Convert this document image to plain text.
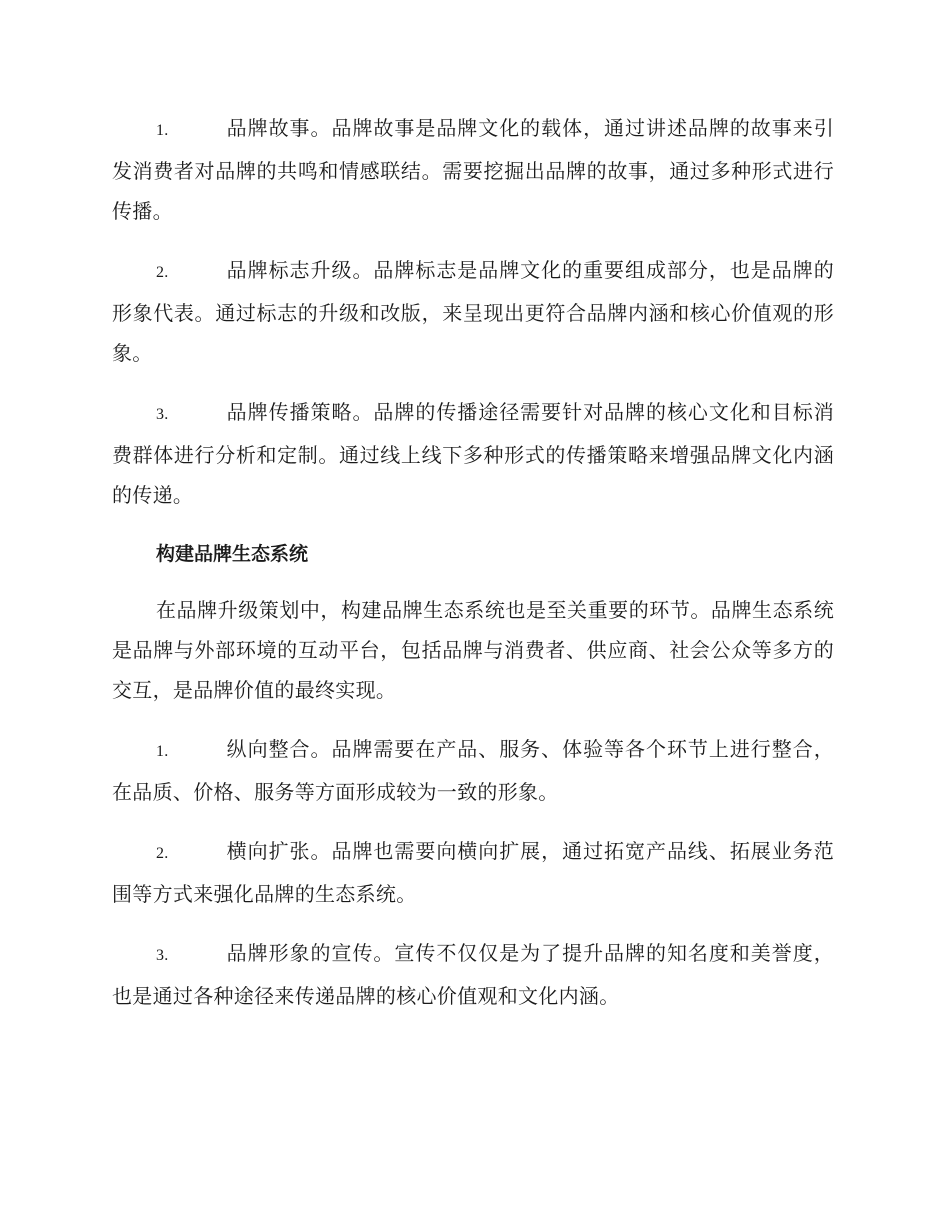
1.	品牌故事。品牌故事是品牌文化的载体，通过讲述品牌的故事来引发消费者对品牌的共鸣和情感联结。需要挖掘出品牌的故事，通过多种形式进行传播。
2.	品牌标志升级。品牌标志是品牌文化的重要组成部分，也是品牌的形象代表。通过标志的升级和改版，来呈现出更符合品牌内涵和核心价值观的形象。
3.	品牌传播策略。品牌的传播途径需要针对品牌的核心文化和目标消费群体进行分析和定制。通过线上线下多种形式的传播策略来增强品牌文化内涵的传递。
构建品牌生态系统
在品牌升级策划中，构建品牌生态系统也是至关重要的环节。品牌生态系统是品牌与外部环境的互动平台，包括品牌与消费者、供应商、社会公众等多方的交互，是品牌价值的最终实现。
1.	纵向整合。品牌需要在产品、服务、体验等各个环节上进行整合，在品质、价格、服务等方面形成较为一致的形象。
2.	横向扩张。品牌也需要向横向扩展，通过拓宽产品线、拓展业务范围等方式来强化品牌的生态系统。
3.	品牌形象的宣传。宣传不仅仅是为了提升品牌的知名度和美誉度，也是通过各种途径来传递品牌的核心价值观和文化内涵。
